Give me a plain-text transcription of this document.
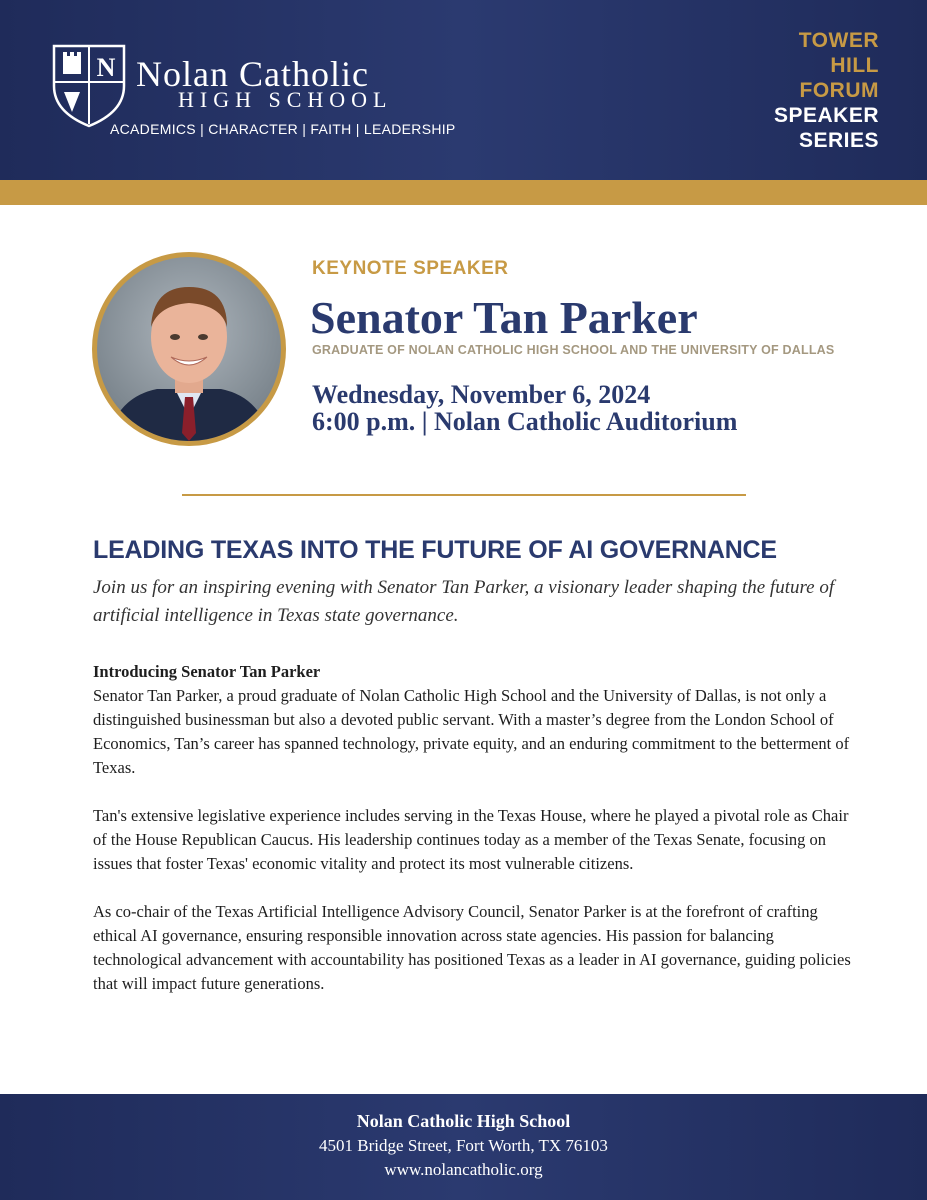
N Nolan Catholic
HIGH SCHOOL
ACADEMICS | CHARACTER | FAITH | LEADERSHIP
TOWER
HILL
FORUM
SPEAKER
SERIES
KEYNOTE SPEAKER
Senator Tan Parker
GRADUATE OF NOLAN CATHOLIC HIGH SCHOOL AND THE UNIVERSITY OF DALLAS
Wednesday, November 6, 2024
6:00 p.m. | Nolan Catholic Auditorium
LEADING TEXAS INTO THE FUTURE OF AI GOVERNANCE
Join us for an inspiring evening with Senator Tan Parker, a visionary leader shaping the future of artificial intelligence in Texas state governance.
Introducing Senator Tan Parker

Senator Tan Parker, a proud graduate of Nolan Catholic High School and the University of Dallas, is not only a distinguished businessman but also a devoted public servant. With a master’s degree from the London School of Economics, Tan’s career has spanned technology, private equity, and an enduring commitment to the betterment of Texas.

Tan's extensive legislative experience includes serving in the Texas House, where he played a pivotal role as Chair of the House Republican Caucus. His leadership continues today as a member of the Texas Senate, focusing on issues that foster Texas' economic vitality and protect its most vulnerable citizens.

As co-chair of the Texas Artificial Intelligence Advisory Council, Senator Parker is at the forefront of crafting ethical AI governance, ensuring responsible innovation across state agencies. His passion for balancing technological advancement with accountability has positioned Texas as a leader in AI governance, guiding policies that will impact future generations.

Nolan Catholic High School
4501 Bridge Street, Fort Worth, TX 76103
www.nolancatholic.org
